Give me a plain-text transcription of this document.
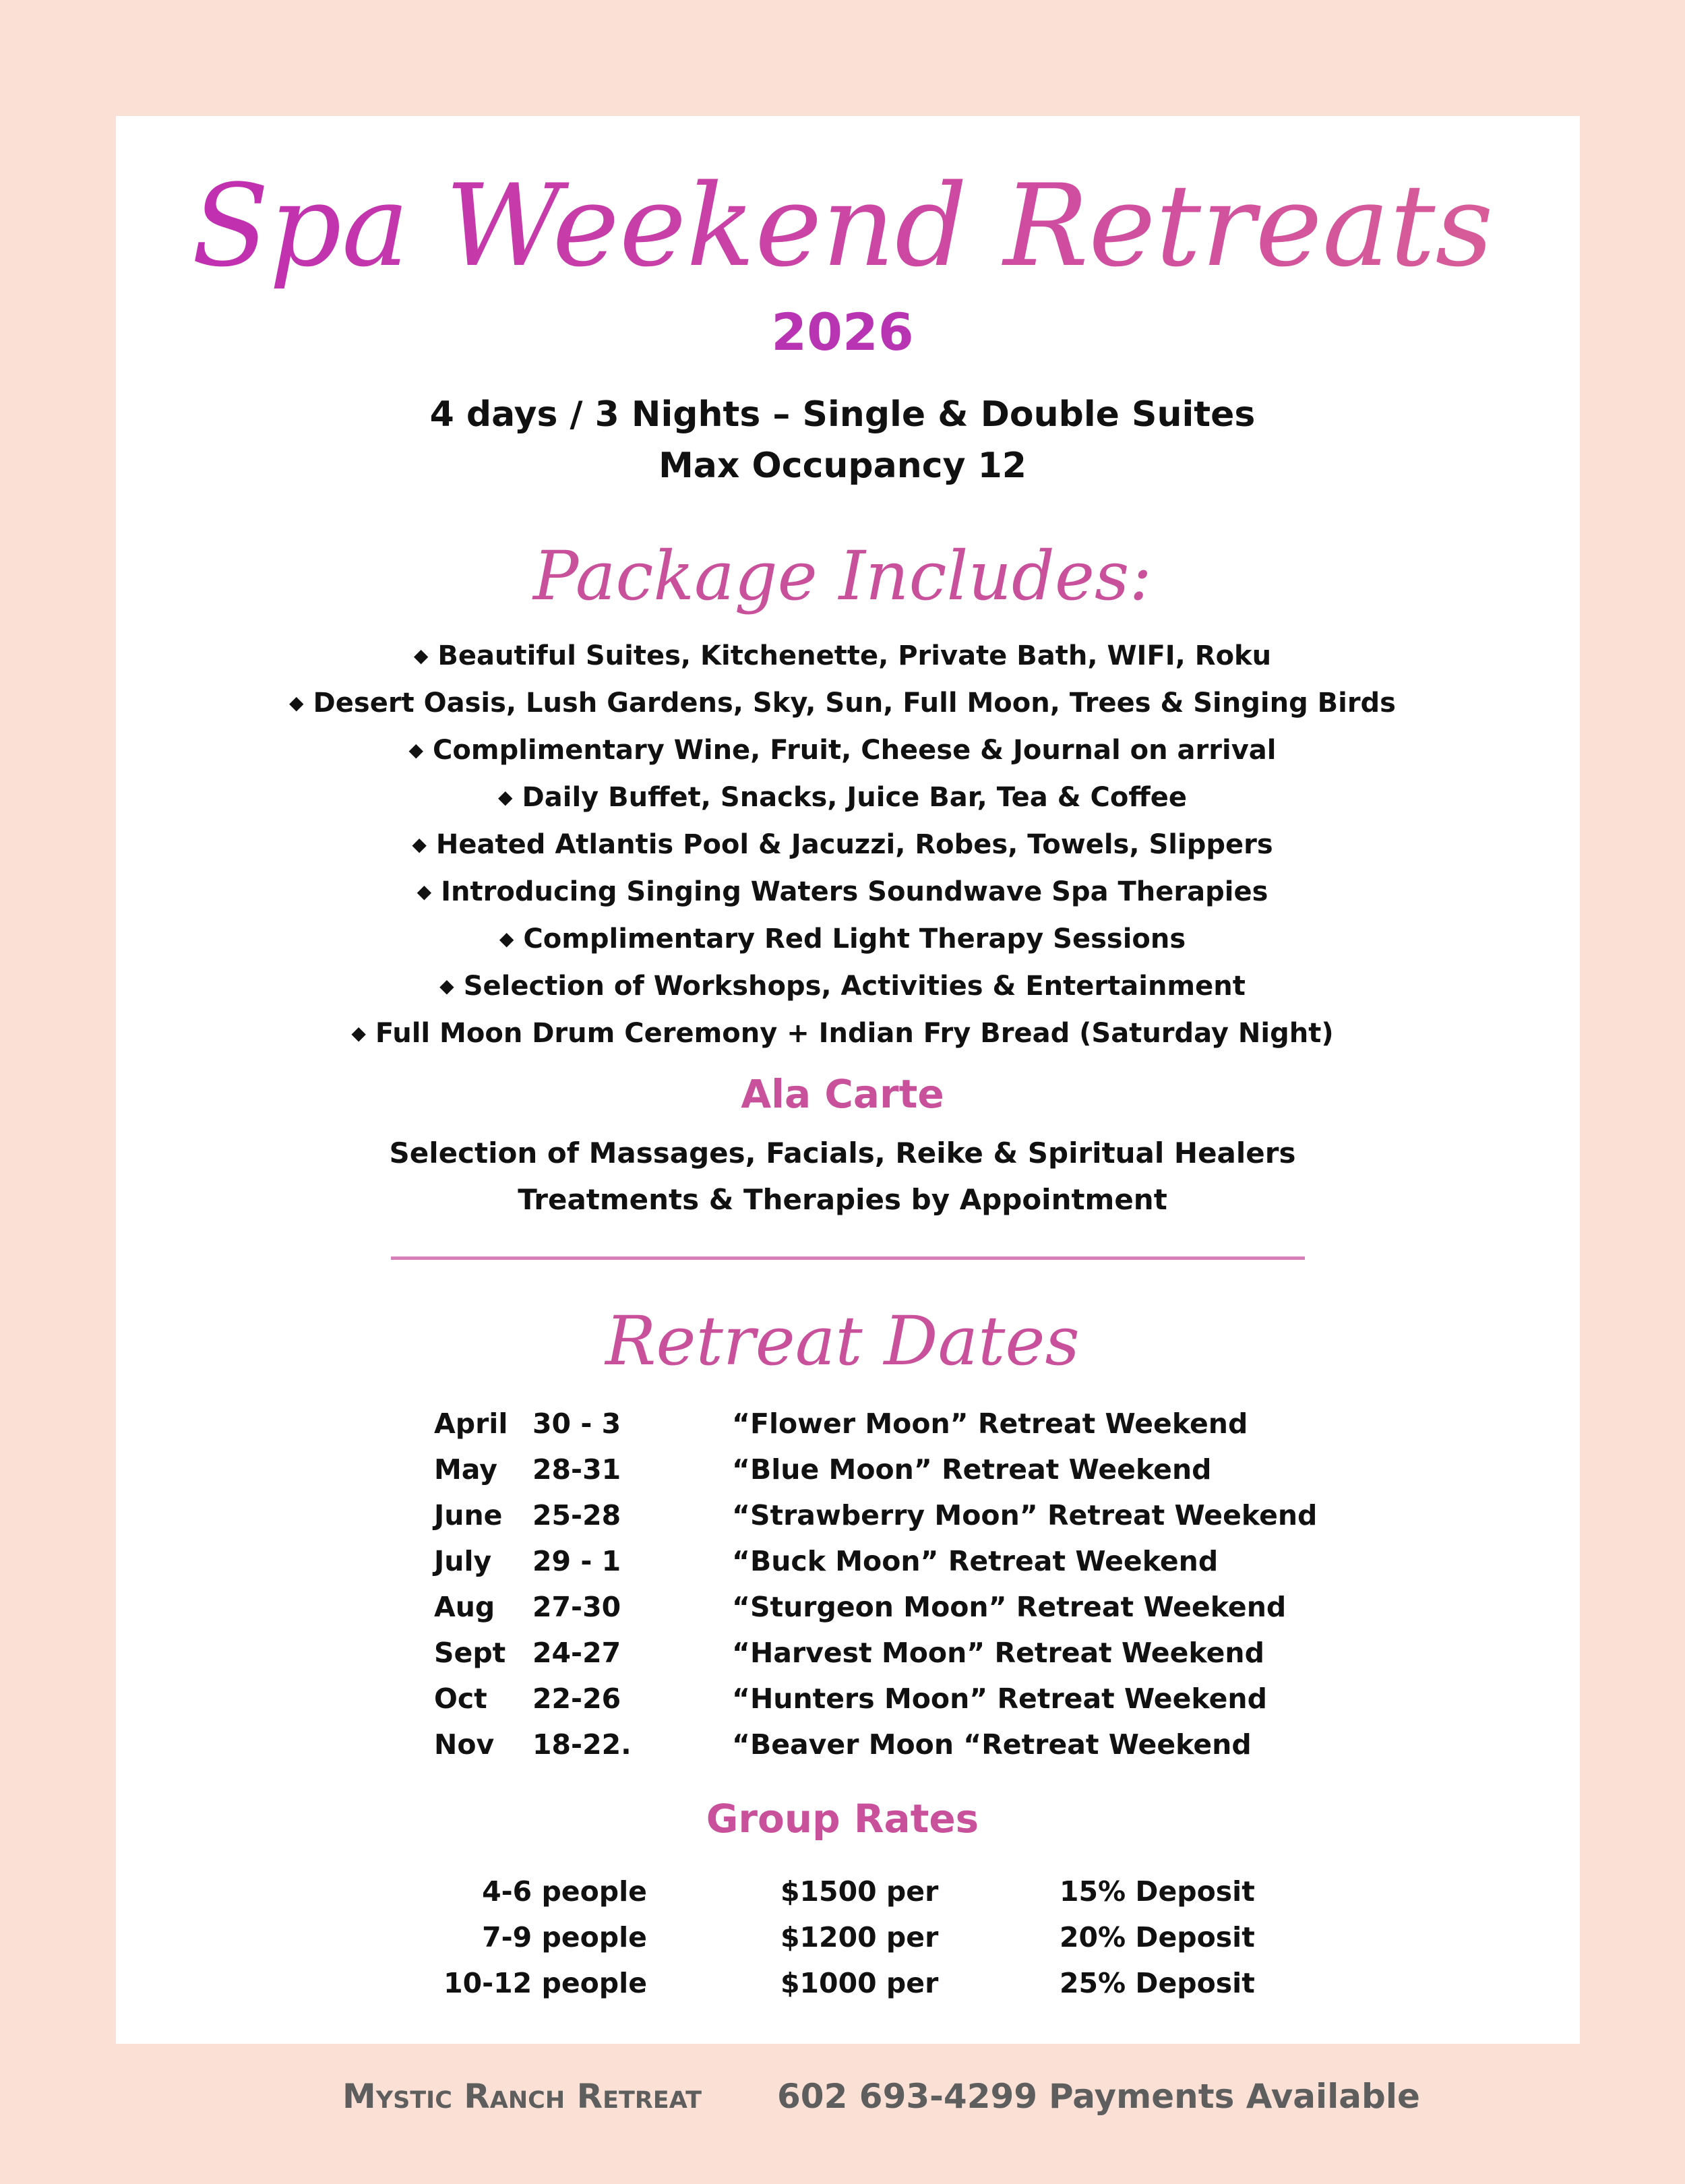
Spa Weekend Retreats
2026
4 days / 3 Nights – Single & Double Suites
Max Occupancy 12
Package Includes:
◆ Beautiful Suites, Kitchenette, Private Bath, WIFI, Roku
◆ Desert Oasis, Lush Gardens, Sky, Sun, Full Moon, Trees & Singing Birds
◆ Complimentary Wine, Fruit, Cheese & Journal on arrival
◆ Daily Buffet, Snacks, Juice Bar, Tea & Coffee
◆ Heated Atlantis Pool & Jacuzzi, Robes, Towels, Slippers
◆ Introducing Singing Waters Soundwave Spa Therapies
◆ Complimentary Red Light Therapy Sessions
◆ Selection of Workshops, Activities & Entertainment
◆ Full Moon Drum Ceremony + Indian Fry Bread (Saturday Night)
Ala Carte
Selection of Massages, Facials, Reike & Spiritual Healers
Treatments & Therapies by Appointment
Retreat Dates
April 30 - 3	“Flower Moon” Retreat Weekend
May 28-31	“Blue Moon” Retreat Weekend
June 25-28	“Strawberry Moon” Retreat Weekend
July 29 - 1	“Buck Moon” Retreat Weekend
Aug 27-30	“Sturgeon Moon” Retreat Weekend
Sept 24-27	“Harvest Moon” Retreat Weekend
Oct 22-26	“Hunters Moon” Retreat Weekend
Nov 18-22.	“Beaver Moon “Retreat Weekend
Group Rates
4-6 people	$1500 per	15% Deposit
7-9 people	$1200 per	20% Deposit
10-12 people	$1000 per	25% Deposit
Mystic Ranch Retreat 602 693-4299 Payments Available
